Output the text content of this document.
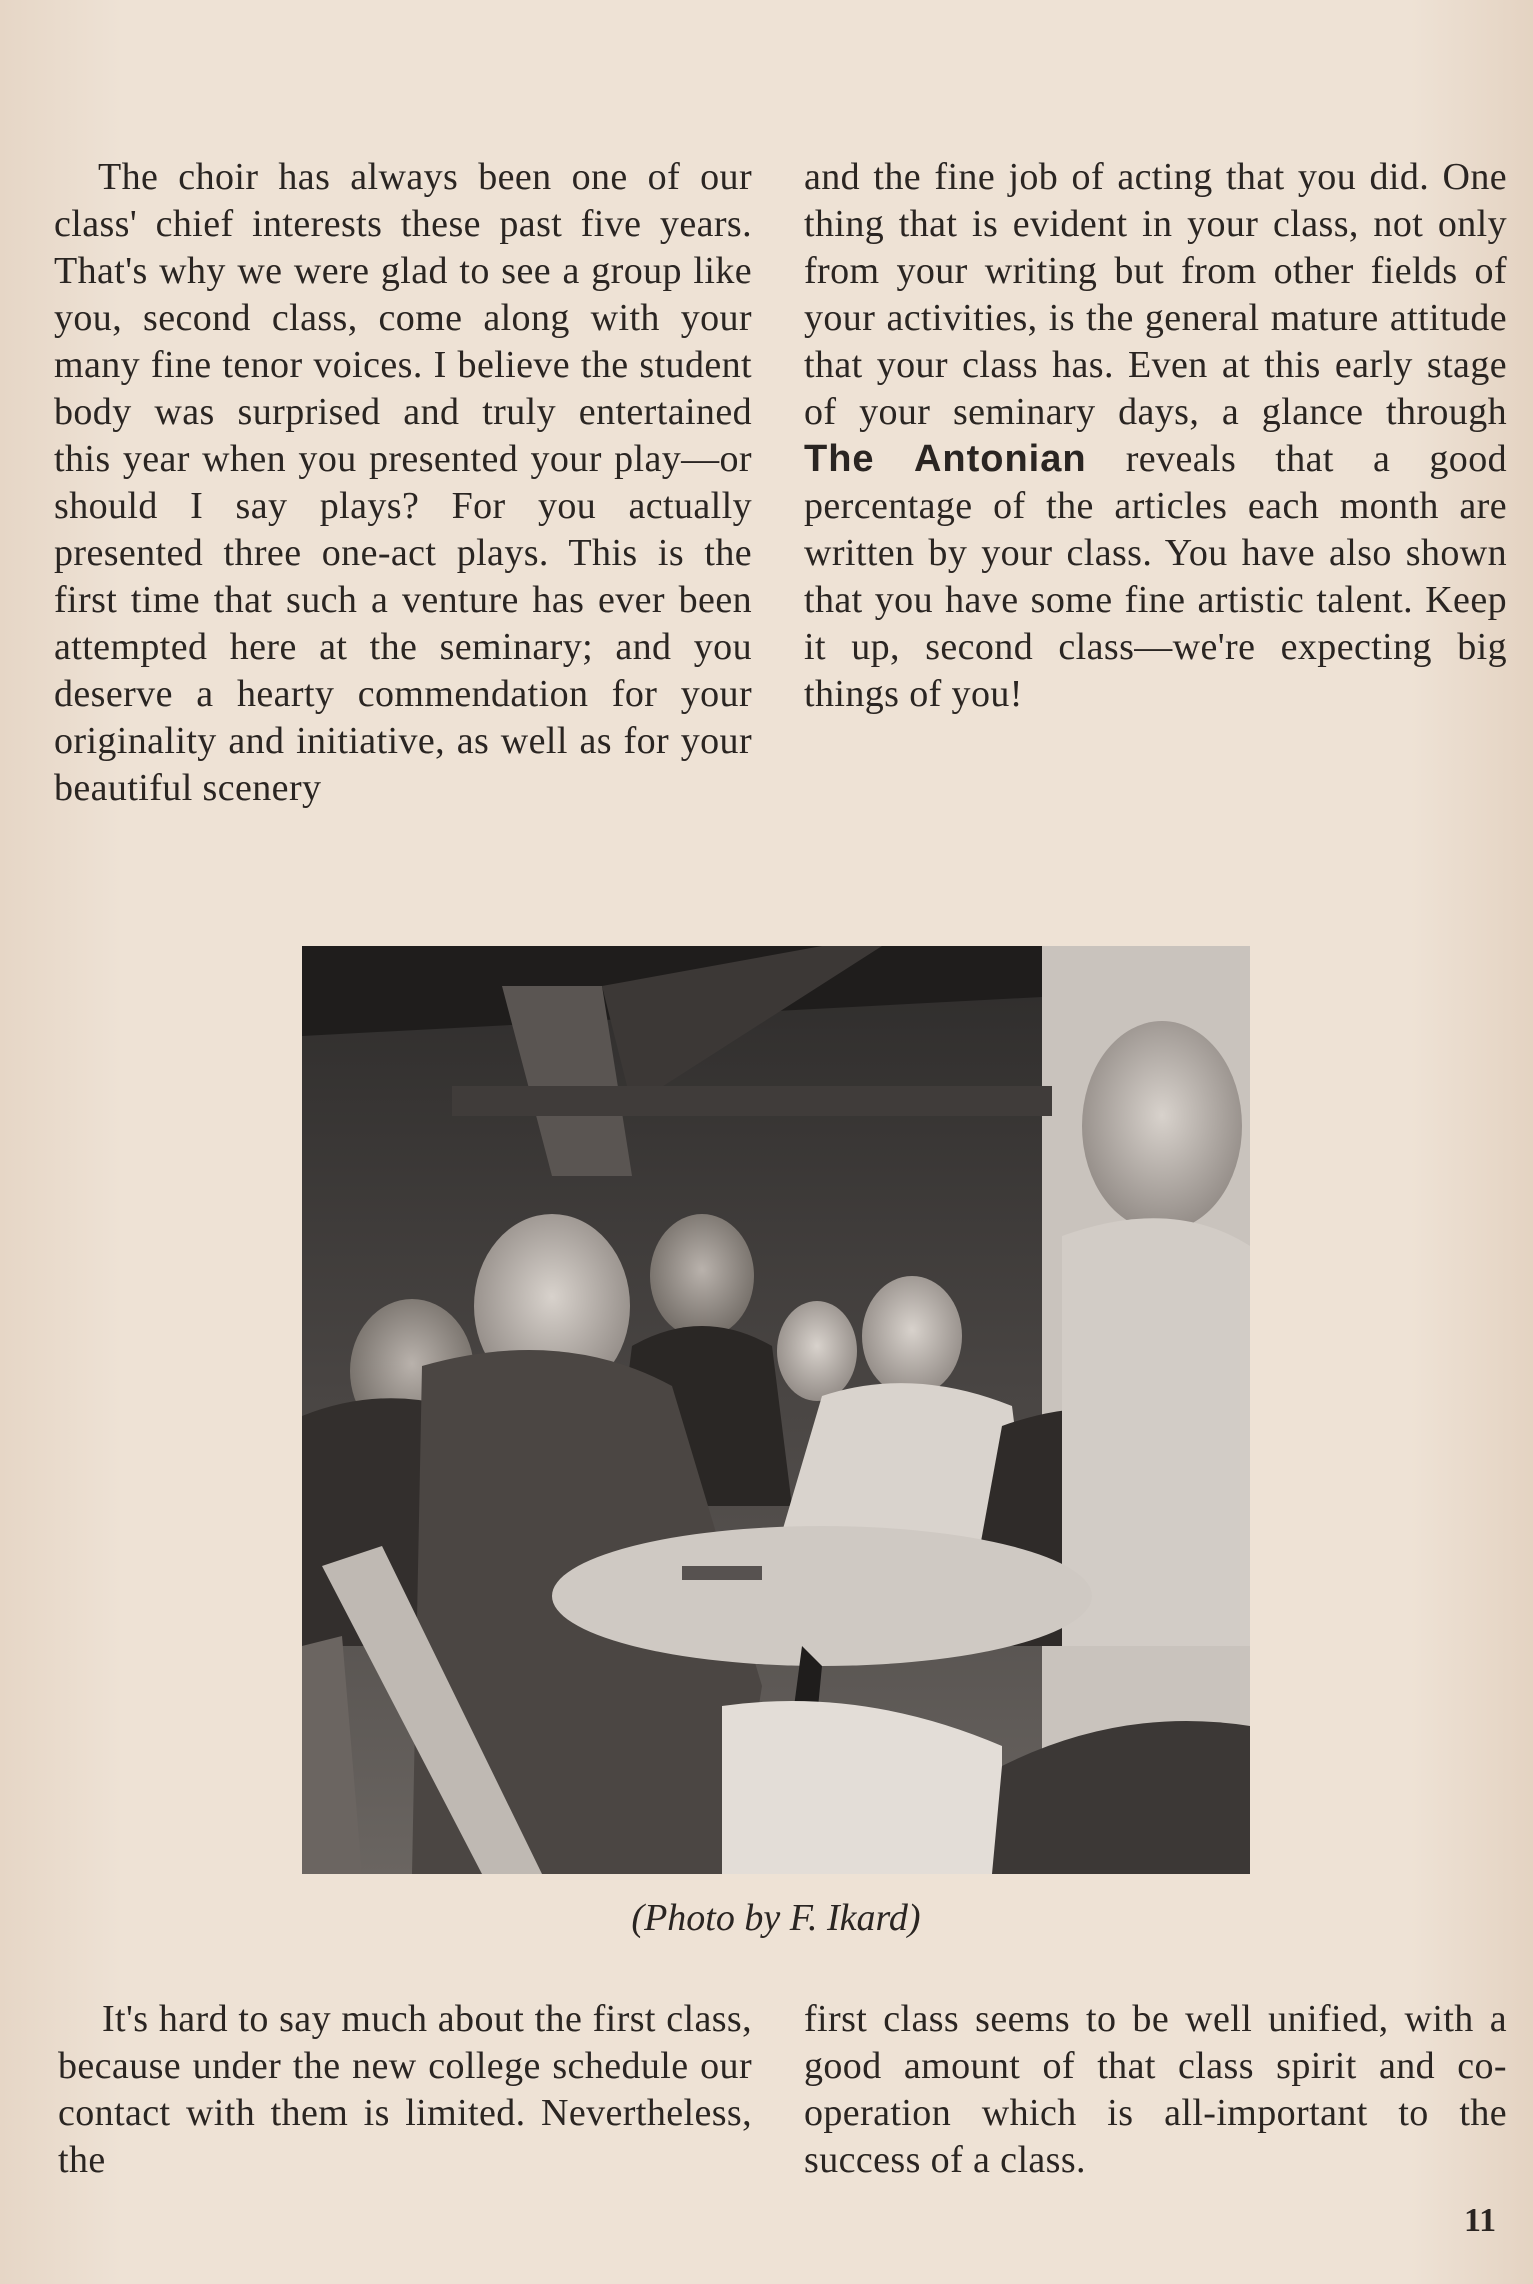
The choir has always been one of our class' chief interests these past five years. That's why we were glad to see a group like you, second class, come along with your many fine tenor voices. I believe the student body was surprised and truly entertained this year when you presented your play—or should I say plays? For you actually presented three one-act plays. This is the first time that such a venture has ever been attempted here at the seminary; and you deserve a hearty commendation for your originality and initiative, as well as for your beautiful scenery

and the fine job of acting that you did. One thing that is evident in your class, not only from your writing but from other fields of your activities, is the general mature attitude that your class has. Even at this early stage of your seminary days, a glance through The Antonian reveals that a good percentage of the articles each month are written by your class. You have also shown that you have some fine artistic talent. Keep it up, second class—we're expecting big things of you!

(Photo by F. Ikard)

It's hard to say much about the first class, because under the new college schedule our contact with them is limited. Nevertheless, the

first class seems to be well unified, with a good amount of that class spirit and co-operation which is all-important to the success of a class.

11
